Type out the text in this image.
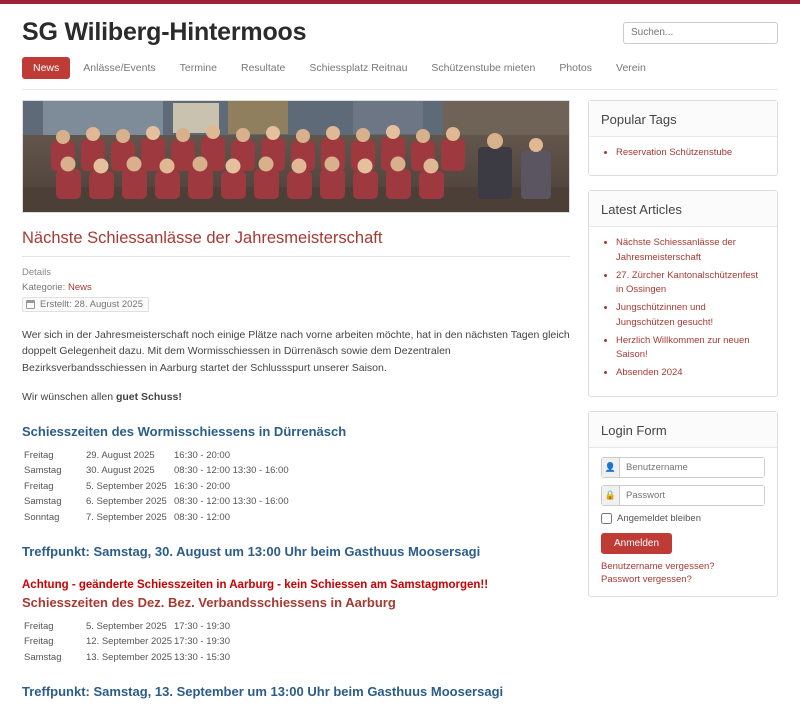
SG Wiliberg-Hintermoos
Suchen...
News	Anlässe/Events	Termine	Resultate	Schiessplatz Reitnau	Schützenstube mieten	Photos	Verein
Nächste Schiessanlässe der Jahresmeisterschaft
Details
Kategorie: News
Erstellt: 28. August 2025

Wer sich in der Jahresmeisterschaft noch einige Plätze nach vorne arbeiten möchte, hat in den nächsten Tagen gleich doppelt Gelegenheit dazu. Mit dem Wormisschiessen in Dürrenäsch sowie dem Dezentralen Bezirksverbandsschiessen in Aarburg startet der Schlussspurt unserer Saison.

Wir wünschen allen guet Schuss!

Schiesszeiten des Wormisschiessens in Dürrenäsch
Freitag	29. August 2025	16:30 - 20:00
Samstag	30. August 2025	08:30 - 12:00 13:30 - 16:00
Freitag	5. September 2025 16:30 - 20:00
Samstag	6. September 2025 08:30 - 12:00 13:30 - 16:00
Sonntag	7. September 2025 08:30 - 12:00
Treffpunkt: Samstag, 30. August um 13:00 Uhr beim Gasthuus Moosersagi
Achtung - geänderte Schiesszeiten in Aarburg - kein Schiessen am Samstagmorgen!!
Schiesszeiten des Dez. Bez. Verbandsschiessens in Aarburg
Freitag	5. September 2025 17:30 - 19:30
Freitag	12. September 2025 17:30 - 19:30
Samstag	13. September 2025 13:30 - 15:30
Treffpunkt: Samstag, 13. September um 13:00 Uhr beim Gasthuus Moosersagi
Popular Tags
• Reservation Schützenstube
Latest Articles
• Nächste Schiessanlässe der Jahresmeisterschaft
• 27. Zürcher Kantonalschützenfest in Ossingen
• Jungschützinnen und Jungschützen gesucht!
• Herzlich Willkommen zur neuen Saison!
• Absenden 2024
Login Form
👤
Benutzername
🔒
Angemeldet bleiben
Anmelden
Benutzername vergessen?
Passwort vergessen?
